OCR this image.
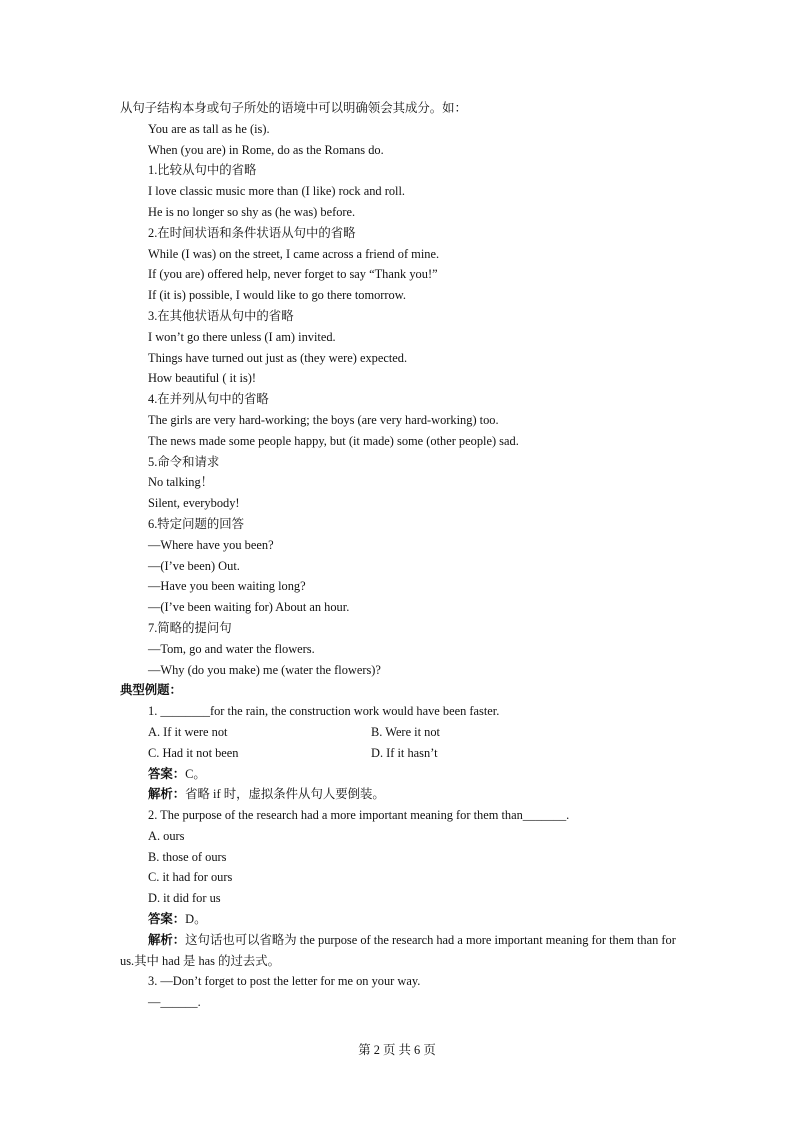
从句子结构本身或句子所处的语境中可以明确领会其成分。如：
You are as tall as he (is).
When (you are) in Rome, do as the Romans do.
1.比较从句中的省略
I love classic music more than (I like) rock and roll.
He is no longer so shy as (he was) before.
2.在时间状语和条件状语从句中的省略
While (I was) on the street, I came across a friend of mine.
If (you are) offered help, never forget to say “Thank you!”
If (it is) possible, I would like to go there tomorrow.
3.在其他状语从句中的省略
I won’t go there unless (I am) invited.
Things have turned out just as (they were) expected.
How beautiful ( it is)!
4.在并列从句中的省略
The girls are very hard-working; the boys (are very hard-working) too.
The news made some people happy, but (it made) some (other people) sad.
5.命令和请求
No talking！
Silent, everybody!
6.特定问题的回答
—Where have you been?
—(I’ve been) Out.
—Have you been waiting long?
—(I’ve been waiting for) About an hour.
7.简略的提问句
—Tom, go and water the flowers.
—Why (do you make) me (water the flowers)?
典型例题：
1. ________for the rain, the construction work would have been faster.
A. If it were not	B. Were it not
C. Had it not been	D. If it hasn’t
答案：C。
解析：省略 if 时，虚拟条件从句人要倒装。
2. The purpose of the research had a more important meaning for them than_______.
A. ours
B. those of ours
C. it had for ours
D. it did for us
答案：D。
解析：这句话也可以省略为 the purpose of the research had a more important meaning for them than for us.其中 had 是 has 的过去式。
3. —Don’t forget to post the letter for me on your way.
—______.
第 2 页 共 6 页
